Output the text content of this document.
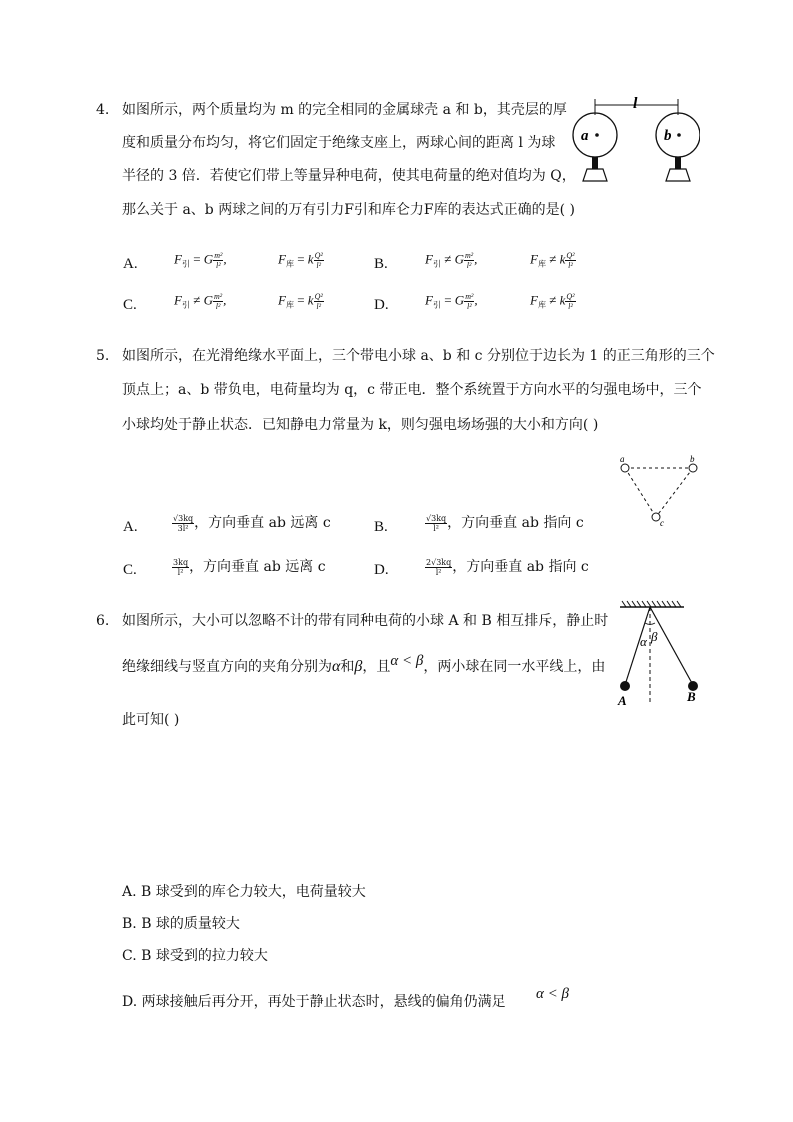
4. 如图所示，两个质量均为 m 的完全相同的金属球壳 a 和 b，其壳层的厚
度和质量分布均匀，将它们固定于绝缘支座上，两球心间的距离 l 为球
半径的 3 倍．若使它们带上等量异种电荷，使其电荷量的绝对值均为 Q，
那么关于 a、b 两球之间的万有引力F引和库仑力F库的表达式正确的是( )
l
a	b
A.	$F_引 = G \frac{\text{m²}}{\text{l²}}$ ,	$F_库 = k \frac{\text{Q²}}{\text{l²}}$	B.	$F_引 \ne G \frac{\text{m²}}{\text{l²}}$ ,	$F_库 \ne k \frac{\text{Q²}}{\text{l²}}$
C.	$F_引 \ne G \frac{\text{m²}}{\text{l²}}$ ,	$F_库 = k \frac{\text{Q²}}{\text{l²}}$	D.	$F_引 = G \frac{\text{m²}}{\text{l²}}$ ,	$F_库 \ne k \frac{\text{Q²}}{\text{l²}}$
5. 如图所示，在光滑绝缘水平面上，三个带电小球 a、b 和 c 分别位于边长为 1 的正三角形的三个
顶点上；a、b 带负电，电荷量均为 q，c 带正电．整个系统置于方向水平的匀强电场中，三个
小球均处于静止状态．已知静电力常量为 k，则匀强电场场强的大小和方向( )
a	b
c
A.	$\frac{√3kq}{\text{3l²}}$ ，方向垂直 ab 远离 c	B.	$\frac{√3kq}{\text{l²}}$ ，方向垂直 ab 指向 c
C.	$\frac{3kq}{\text{l²}}$ ，方向垂直 ab 远离 c	D.	$\frac{2√3kq}{\text{l²}}$ ，方向垂直 ab 指向 c
6. 如图所示，大小可以忽略不计的带有同种电荷的小球 A 和 B 相互排斥，静止时
绝缘细线与竖直方向的夹角分别为α和β，且α < β，两小球在同一水平线上，由
此可知( )
α β
A	B
A. B 球受到的库仑力较大，电荷量较大
B. B 球的质量较大
C. B 球受到的拉力较大
D. 两球接触后再分开，再处于静止状态时，悬线的偏角仍满足 α < β
